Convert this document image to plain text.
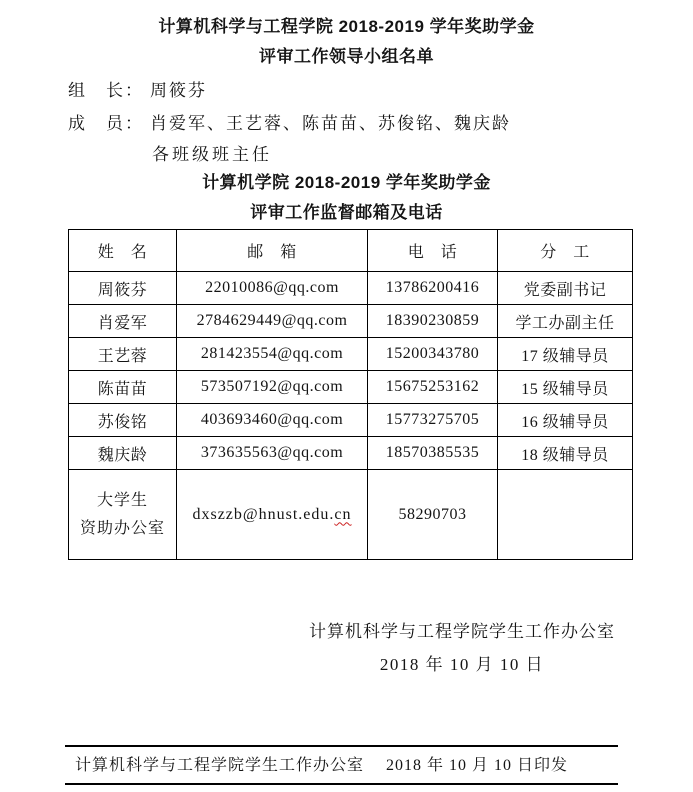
计算机科学与工程学院 2018-2019 学年奖助学金
评审工作领导小组名单
组　长： 周筱芬
成　员： 肖爱军、王艺蓉、陈苗苗、苏俊铭、魏庆龄
各班级班主任
计算机学院 2018-2019 学年奖助学金
评审工作监督邮箱及电话
姓　名	邮　箱	电　话	分　工
周筱芬	22010086@qq.com	13786200416	党委副书记
肖爱军	2784629449@qq.com	18390230859	学工办副主任
王艺蓉	281423554@qq.com	15200343780	17 级辅导员
陈苗苗	573507192@qq.com	15675253162	15 级辅导员
苏俊铭	403693460@qq.com	15773275705	16 级辅导员
魏庆龄	373635563@qq.com	18570385535	18 级辅导员

大学生
资助办公室	dxszzb@hnust.edu.cn	58290703	
计算机科学与工程学院学生工作办公室
2018 年 10 月 10 日
计算机科学与工程学院学生工作办公室　 2018 年 10 月 10 日印发
